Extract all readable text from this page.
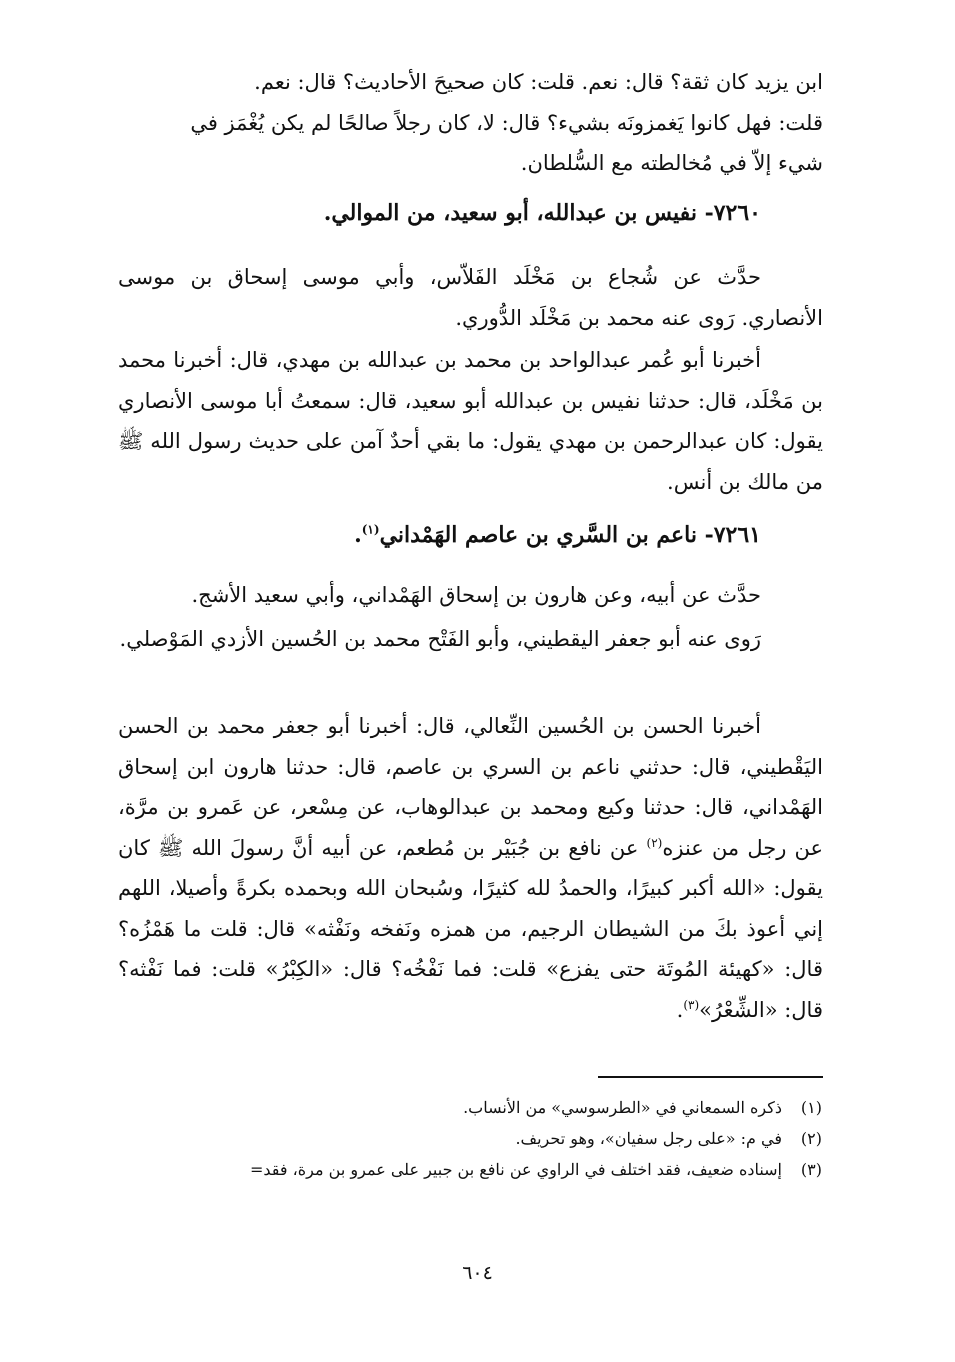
ابن يزيد كان ثقة؟ قال: نعم. قلت: كان صحيحَ الأحاديث؟ قال: نعم.

قلت: فهل كانوا يَغمزونَه بشيء؟ قال: لا، كان رجلاً صالحًا لم يكن يُغْمَز في

شيء إلاّ في مُخالطته مع السُّلطان.

٧٢٦٠- نفيس بن عبدالله، أبو سعيد، من الموالي.

حدَّث عن شُجاع بن مَخْلَد الفَلاّس، وأبي موسى إسحاق بن موسى الأنصاري. رَوى عنه محمد بن مَخْلَد الدُّوري.

أخبرنا أبو عُمر عبدالواحد بن محمد بن عبدالله بن مهدي، قال: أخبرنا محمد بن مَخْلَد، قال: حدثنا نفيس بن عبدالله أبو سعيد، قال: سمعتُ أبا موسى الأنصاري يقول: كان عبدالرحمن بن مهدي يقول: ما بقي أحدٌ آمن على حديث رسول الله ﷺ من مالك بن أنس.

٧٢٦١- ناعم بن السَّري بن عاصم الهَمْداني$^{(١)}$.

حدَّث عن أبيه، وعن هارون بن إسحاق الهَمْداني، وأبي سعيد الأشج.

رَوى عنه أبو جعفر اليقطيني، وأبو الفَتْح محمد بن الحُسين الأزدي المَوْصلي.

أخبرنا الحسن بن الحُسين النِّعالي، قال: أخبرنا أبو جعفر محمد بن الحسن اليَقْطيني، قال: حدثني ناعم بن السري بن عاصم، قال: حدثنا هارون ابن إسحاق الهَمْداني، قال: حدثنا وكيع ومحمد بن عبدالوهاب، عن مِسْعر، عن عَمرو بن مرَّة، عن رجل من عنزه$^{(٢)}$ عن نافع بن جُبَيْر بن مُطعم، عن أبيه أنَّ رسولَ الله ﷺ كان يقول: «الله أكبر كبيرًا، والحمدُ لله كثيرًا، وسُبحان الله وبحمده بكرةً وأصيلا، اللهم إني أعوذ بكَ من الشيطان الرجيم، من همزه ونَفخه ونَفْثه» قال: قلت ما هَمْزُه؟ قال: «كهيئة المُوتَة حتى يفزع» قلت: فما نَفْخُه؟ قال: «الكِبْرُ» قلت: فما نَفْثه؟ قال: «الشِّعْرُ»$^{(٣)}$.

(١)
ذكره السمعاني في «الطرسوسي» من الأنساب.
(٢)
في م: «على رجل سفيان»، وهو تحريف.
(٣)
إسناده ضعيف، فقد اختلف في الراوي عن نافع بن جبير على عمرو بن مرة، فقد=
٦٠٤
